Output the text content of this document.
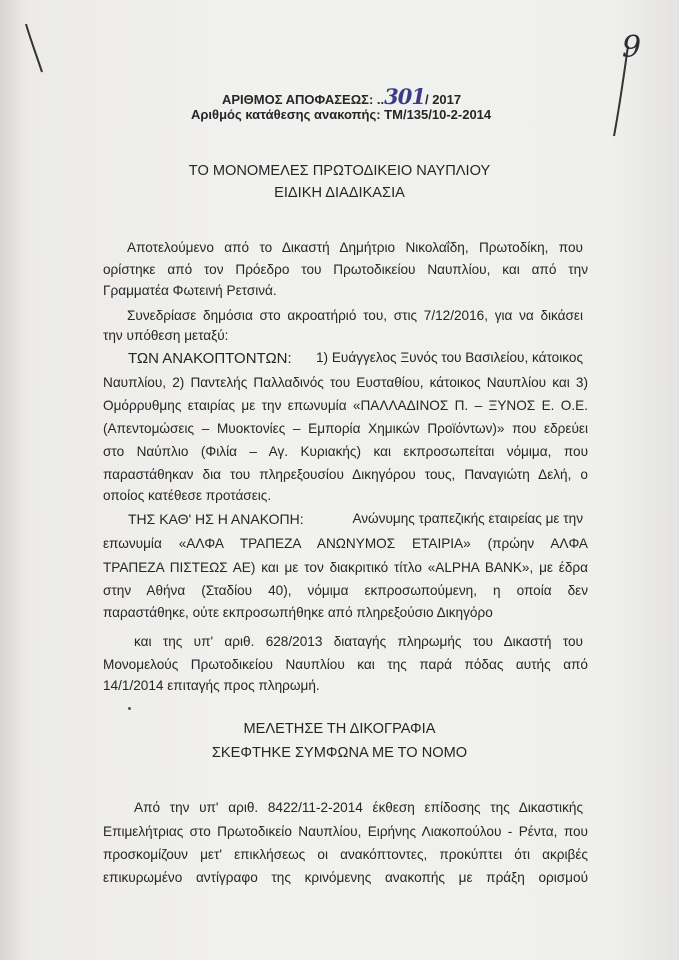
9
ΑΡΙΘΜΟΣ ΑΠΟΦΑΣΕΩΣ: ..301/ 2017
Αριθμός κατάθεσης ανακοπής: ΤΜ/135/10-2-2014
ΤΟ ΜΟΝΟΜΕΛΕΣ ΠΡΩΤΟΔΙΚΕΙΟ ΝΑΥΠΛΙΟΥ
ΕΙΔΙΚΗ ΔΙΑΔΙΚΑΣΙΑ
Αποτελούμενο από το Δικαστή Δημήτριο Νικολαΐδη, Πρωτοδίκη, που
ορίστηκε από τον Πρόεδρο του Πρωτοδικείου Ναυπλίου, και από την
Γραμματέα Φωτεινή Ρετσινά.
Συνεδρίασε δημόσια στο ακροατήριό του, στις 7/12/2016, για να δικάσει
την υπόθεση μεταξύ:
ΤΩΝ ΑΝΑΚΟΠΤΟΝΤΩΝ: 1) Ευάγγελος Ξυνός του Βασιλείου, κάτοικος
Ναυπλίου, 2) Παντελής Παλλαδινός του Ευσταθίου, κάτοικος Ναυπλίου και 3)
Ομόρρυθμης εταιρίας με την επωνυμία «ΠΑΛΛΑΔΙΝΟΣ Π. – ΞΥΝΟΣ Ε. Ο.Ε.
(Απεντομώσεις – Μυοκτονίες – Εμπορία Χημικών Προϊόντων)» που εδρεύει
στο Ναύπλιο (Φιλία – Αγ. Κυριακής) και εκπροσωπείται νόμιμα, που
παραστάθηκαν δια του πληρεξουσίου Δικηγόρου τους, Παναγιώτη Δελή, ο
οποίος κατέθεσε προτάσεις.
ΤΗΣ ΚΑΘ' ΗΣ Η ΑΝΑΚΟΠΗ:	Ανώνυμης τραπεζικής εταιρείας με την
επωνυμία «ΑΛΦΑ ΤΡΑΠΕΖΑ ΑΝΩΝΥΜΟΣ ΕΤΑΙΡΙΑ» (πρώην ΑΛΦΑ
ΤΡΑΠΕΖΑ ΠΙΣΤΕΩΣ ΑΕ) και με τον διακριτικό τίτλο «ALPHA BANK», με έδρα
στην Αθήνα (Σταδίου 40), νόμιμα εκπροσωπούμενη, η οποία δεν
παραστάθηκε, ούτε εκπροσωπήθηκε από πληρεξούσιο Δικηγόρο
και της υπ' αριθ. 628/2013 διαταγής πληρωμής του Δικαστή του
Μονομελούς Πρωτοδικείου Ναυπλίου και της παρά πόδας αυτής από
14/1/2014 επιταγής προς πληρωμή.
ΜΕΛΕΤΗΣΕ ΤΗ ΔΙΚΟΓΡΑΦΙΑ
ΣΚΕΦΤΗΚΕ ΣΥΜΦΩΝΑ ΜΕ ΤΟ ΝΟΜΟ
Από την υπ' αριθ. 8422/11-2-2014 έκθεση επίδοσης της Δικαστικής
Επιμελήτριας στο Πρωτοδικείο Ναυπλίου, Ειρήνης Λιακοπούλου - Ρέντα, που
προσκομίζουν μετ' επικλήσεως οι ανακόπτοντες, προκύπτει ότι ακριβές
επικυρωμένο αντίγραφο της κρινόμενης ανακοπής με πράξη ορισμού
